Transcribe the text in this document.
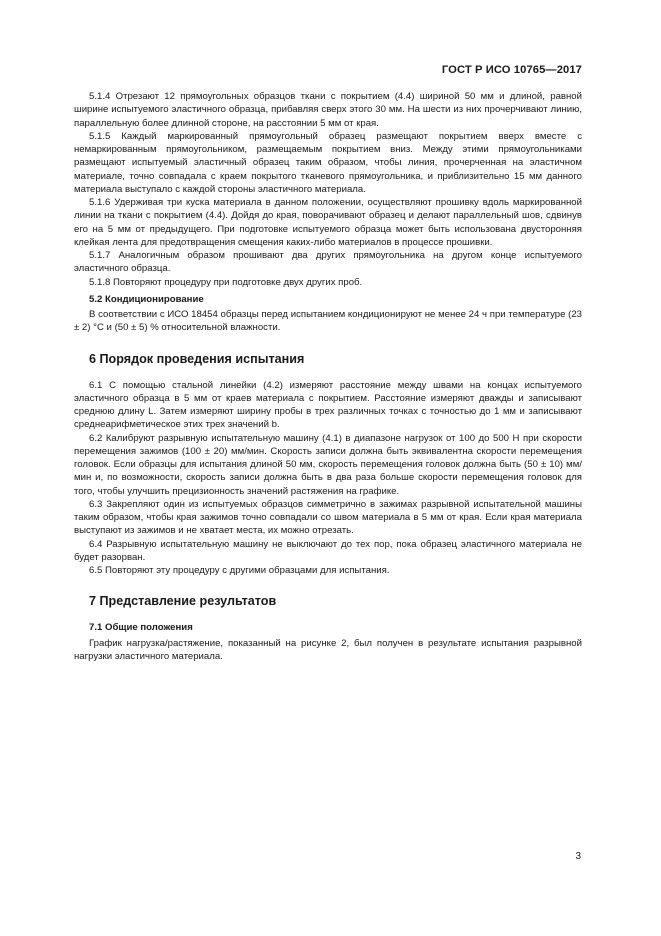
ГОСТ Р ИСО 10765—2017

5.1.4 Отрезают 12 прямоугольных образцов ткани с покрытием (4.4) шириной 50 мм и длиной, равной ширине испытуемого эластичного образца, прибавляя сверх этого 30 мм. На шести из них прочерчивают линию, параллельную более длинной стороне, на расстоянии 5 мм от края.

5.1.5 Каждый маркированный прямоугольный образец размещают покрытием вверх вместе с немаркированным прямоугольником, размещаемым покрытием вниз. Между этими прямоугольниками размещают испытуемый эластичный образец таким образом, чтобы линия, прочерченная на эластичном материале, точно совпадала с краем покрытого тканевого прямоугольника, и приблизительно 15 мм данного материала выступало с каждой стороны эластичного материала.

5.1.6 Удерживая три куска материала в данном положении, осуществляют прошивку вдоль маркированной линии на ткани с покрытием (4.4). Дойдя до края, поворачивают образец и делают параллельный шов, сдвинув его на 5 мм от предыдущего. При подготовке испытуемого образца может быть использована двусторонняя клейкая лента для предотвращения смещения каких-либо материалов в процессе прошивки.

5.1.7 Аналогичным образом прошивают два других прямоугольника на другом конце испытуемого эластичного образца.

5.1.8 Повторяют процедуру при подготовке двух других проб.

5.2 Кондиционирование

В соответствии с ИСО 18454 образцы перед испытанием кондиционируют не менее 24 ч при температуре (23 ± 2) °С и (50 ± 5) % относительной влажности.

6 Порядок проведения испытания

6.1 С помощью стальной линейки (4.2) измеряют расстояние между швами на концах испытуемого эластичного образца в 5 мм от краев материала с покрытием. Расстояние измеряют дважды и записывают среднюю длину L. Затем измеряют ширину пробы в трех различных точках с точностью до 1 мм и записывают среднеарифметическое этих трех значений b.

6.2 Калибруют разрывную испытательную машину (4.1) в диапазоне нагрузок от 100 до 500 Н при скорости перемещения зажимов (100 ± 20) мм/мин. Скорость записи должна быть эквивалентна скорости перемещения головок. Если образцы для испытания длиной 50 мм, скорость перемещения головок должна быть (50 ± 10) мм/мин и, по возможности, скорость записи должна быть в два раза больше скорости перемещения головок для того, чтобы улучшить прецизионность значений растяжения на графике.

6.3 Закрепляют один из испытуемых образцов симметрично в зажимах разрывной испытательной машины таким образом, чтобы края зажимов точно совпадали со швом материала в 5 мм от края. Если края материала выступают из зажимов и не хватает места, их можно отрезать.

6.4 Разрывную испытательную машину не выключают до тех пор, пока образец эластичного материала не будет разорван.

6.5 Повторяют эту процедуру с другими образцами для испытания.

7 Представление результатов
7.1 Общие положения

График нагрузка/растяжение, показанный на рисунке 2, был получен в результате испытания разрывной нагрузки эластичного материала.

3
